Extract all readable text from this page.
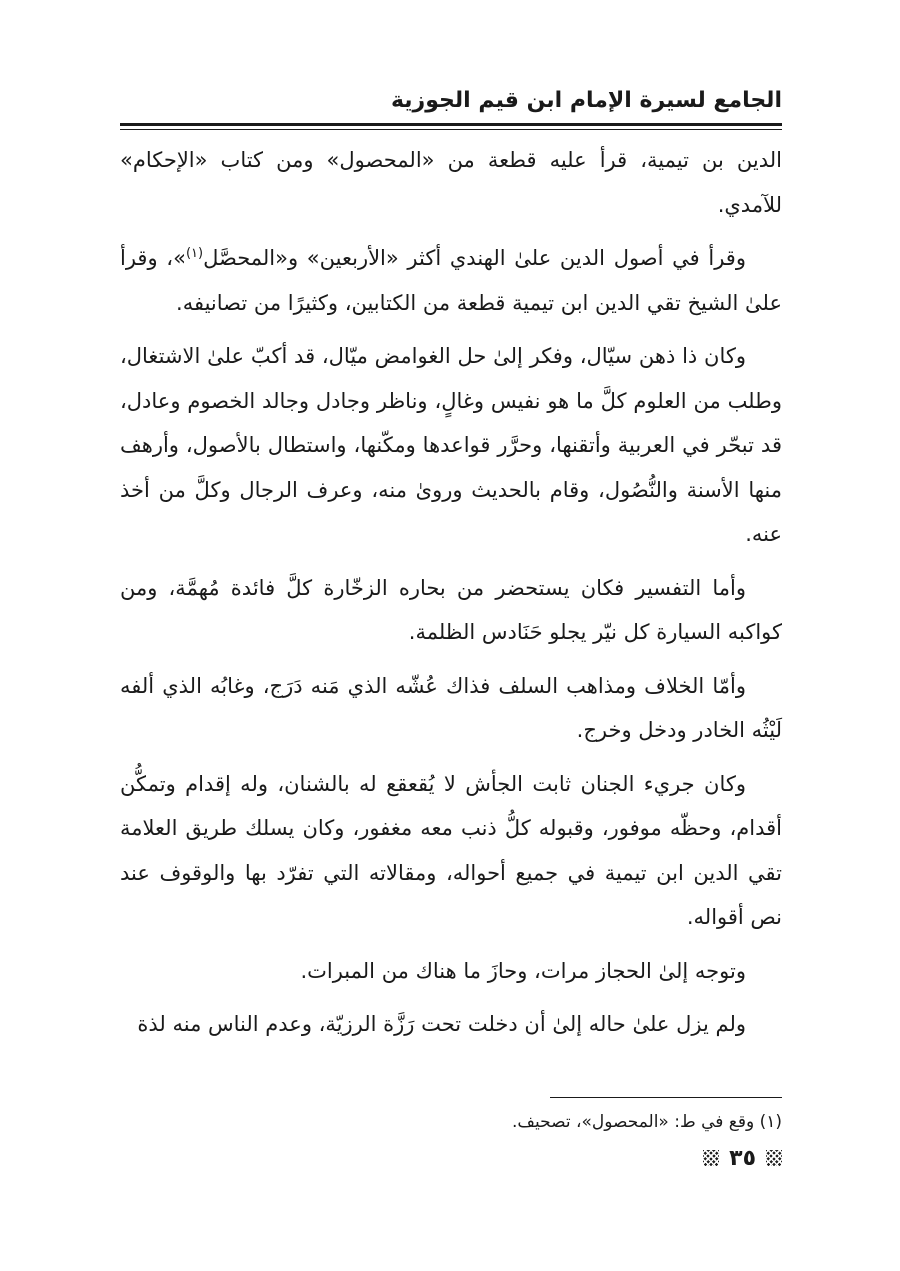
الجامع لسيرة الإمام ابن قيم الجوزية

الدين بن تيمية، قرأ عليه قطعة من «المحصول» ومن كتاب «الإحكام» للآمدي.

وقرأ في أصول الدين علىٰ الهندي أكثر «الأربعين» و«المحصَّل$^{(١)}$»، وقرأ علىٰ الشيخ تقي الدين ابن تيمية قطعة من الكتابين، وكثيرًا من تصانيفه.

وكان ذا ذهن سيّال، وفكر إلىٰ حل الغوامض ميّال، قد أكبّ علىٰ الاشتغال، وطلب من العلوم كلَّ ما هو نفيس وغالٍ، وناظر وجادل وجالد الخصوم وعادل، قد تبحّر في العربية وأتقنها، وحرَّر قواعدها ومكّنها، واستطال بالأصول، وأرهف منها الأسنة والنُّصُول، وقام بالحديث وروىٰ منه، وعرف الرجال وكلَّ من أخذ عنه.

وأما التفسير فكان يستحضر من بحاره الزخّارة كلَّ فائدة مُهمَّة، ومن كواكبه السيارة كل نيّر يجلو حَنَادس الظلمة.

وأمّا الخلاف ومذاهب السلف فذاك عُشّه الذي مَنه دَرَج، وغابُه الذي ألفه لَيْثُه الخادر ودخل وخرج.

وكان جريء الجنان ثابت الجأش لا يُقعقع له بالشنان، وله إقدام وتمكُّن أقدام، وحظّه موفور، وقبوله كلُّ ذنب معه مغفور، وكان يسلك طريق العلامة تقي الدين ابن تيمية في جميع أحواله، ومقالاته التي تفرّد بها والوقوف عند نص أقواله.

وتوجه إلىٰ الحجاز مرات، وحازَ ما هناك من المبرات.

ولم يزل علىٰ حاله إلىٰ أن دخلت تحت رَزَّة الرزيّة، وعدم الناس منه لذة

(١) وقع في ط: «المحصول»، تصحيف.
٣٥
